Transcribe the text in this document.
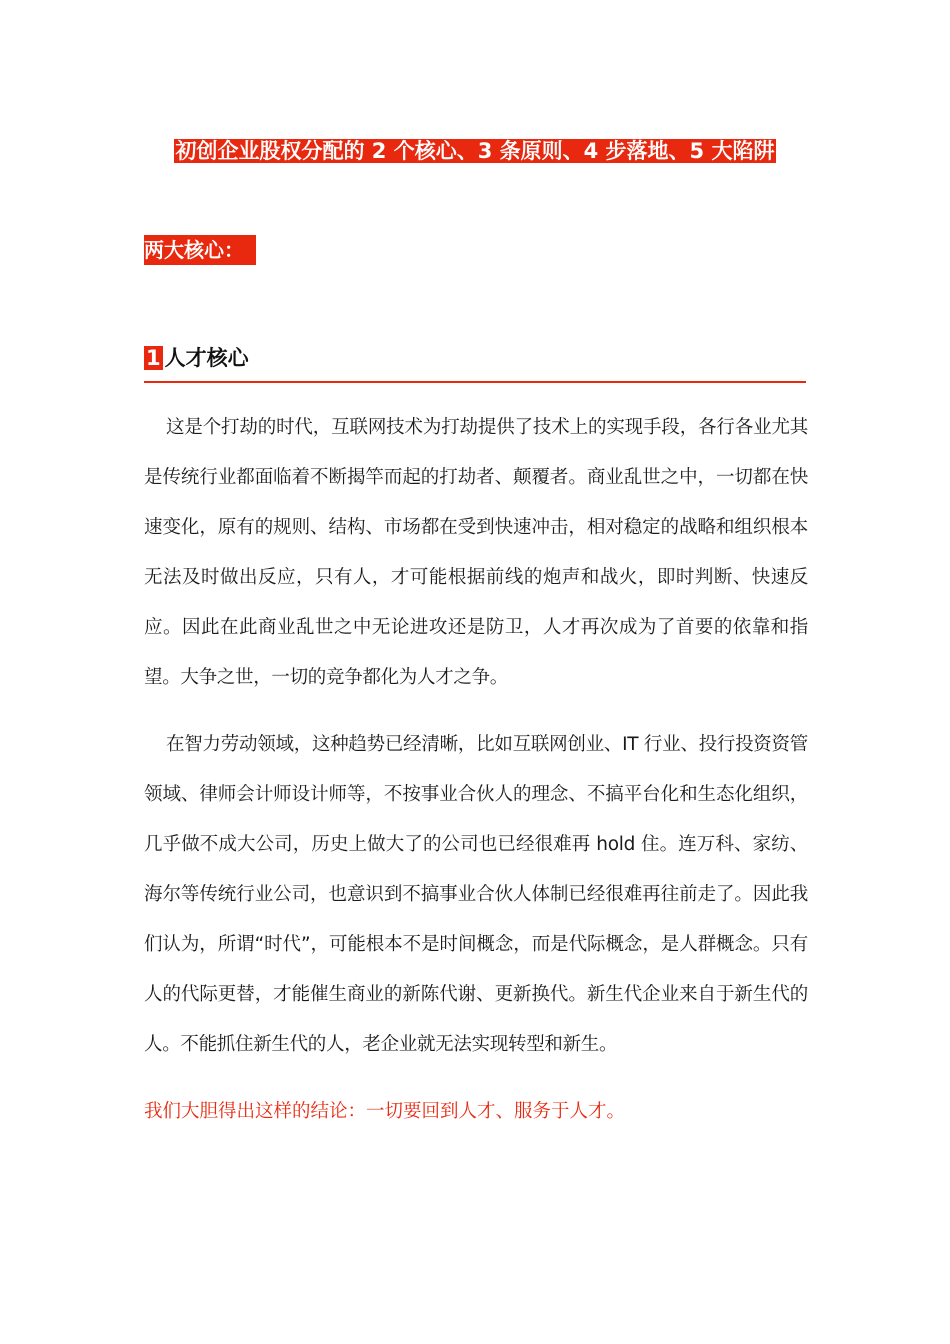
初创企业股权分配的 2 个核心、3 条原则、4 步落地、5 大陷阱
两大核心：
1 人才核心

这是个打劫的时代，互联网技术为打劫提供了技术上的实现手段，各行各业尤其是传统行业都面临着不断揭竿而起的打劫者、颠覆者。商业乱世之中，一切都在快速变化，原有的规则、结构、市场都在受到快速冲击，相对稳定的战略和组织根本无法及时做出反应，只有人，才可能根据前线的炮声和战火，即时判断、快速反应。因此在此商业乱世之中无论进攻还是防卫，人才再次成为了首要的依靠和指望。大争之世，一切的竞争都化为人才之争。

在智力劳动领域，这种趋势已经清晰，比如互联网创业、IT 行业、投行投资资管领域、律师会计师设计师等，不按事业合伙人的理念、不搞平台化和生态化组织，几乎做不成大公司，历史上做大了的公司也已经很难再 hold 住。连万科、家纺、海尔等传统行业公司，也意识到不搞事业合伙人体制已经很难再往前走了。因此我们认为，所谓“时代”，可能根本不是时间概念，而是代际概念，是人群概念。只有人的代际更替，才能催生商业的新陈代谢、更新换代。新生代企业来自于新生代的人。不能抓住新生代的人，老企业就无法实现转型和新生。

我们大胆得出这样的结论：一切要回到人才、服务于人才。
